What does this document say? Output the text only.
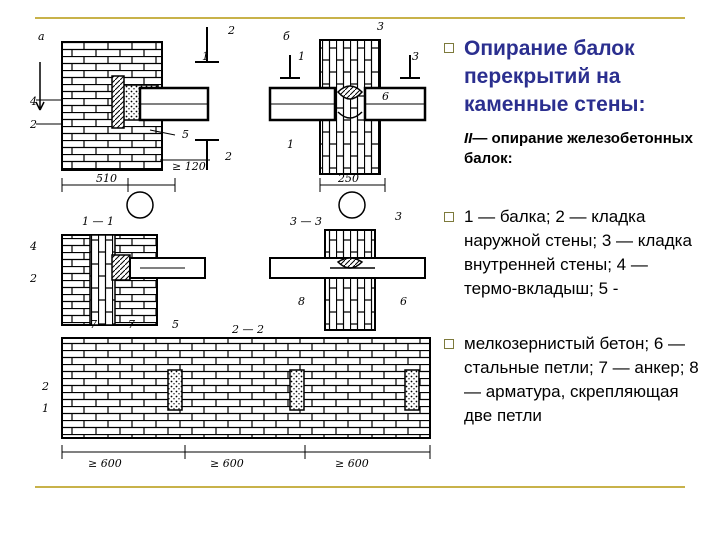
а	б
1 — 1	3 — 3
2 — 2
2
1
4
2
5
2
510
≥ 120
3
1	3
6
1
250
4
2
7	7	5
3
8	6
2
1
≥ 600	≥ 600	≥ 600
Опирание балок перекрытий на каменные стены:
II— опирание железобетонных балок:
1 — балка; 2 — кладка наружной стены; 3 — кладка внутренней стены; 4 — термо-вкладыш; 5 -
мелкозернистый бетон; 6 — стальные петли; 7 — анкер; 8 — арматура, скрепляющая две петли
